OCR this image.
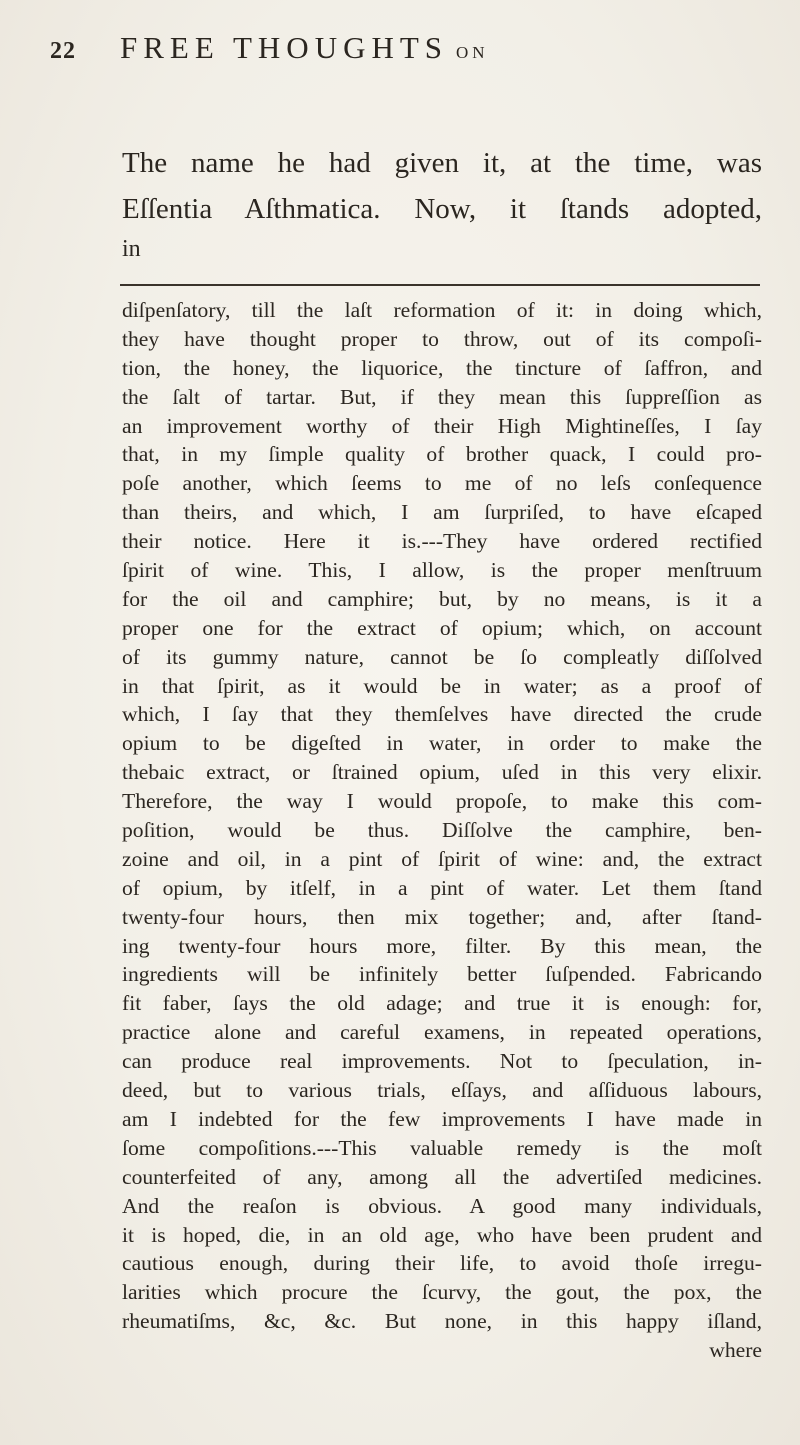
22	FREE THOUGHTS ON
The name he had given it, at the time, was
Eſſentia Aſthmatica. Now, it ſtands adopted,
in
diſpenſatory, till the laſt reformation of it: in doing which,
they have thought proper to throw, out of its compoſi-
tion, the honey, the liquorice, the tincture of ſaffron, and
the ſalt of tartar. But, if they mean this ſuppreſſion as
an improvement worthy of their High Mightineſſes, I ſay
that, in my ſimple quality of brother quack, I could pro-
poſe another, which ſeems to me of no leſs conſequence
than theirs, and which, I am ſurpriſed, to have eſcaped
their notice. Here it is.---They have ordered rectified
ſpirit of wine. This, I allow, is the proper menſtruum
for the oil and camphire; but, by no means, is it a
proper one for the extract of opium; which, on account
of its gummy nature, cannot be ſo compleatly diſſolved
in that ſpirit, as it would be in water; as a proof of
which, I ſay that they themſelves have directed the crude
opium to be digeſted in water, in order to make the
thebaic extract, or ſtrained opium, uſed in this very elixir.
Therefore, the way I would propoſe, to make this com-
poſition, would be thus. Diſſolve the camphire, ben-
zoine and oil, in a pint of ſpirit of wine: and, the extract
of opium, by itſelf, in a pint of water. Let them ſtand
twenty-four hours, then mix together; and, after ſtand-
ing twenty-four hours more, filter. By this mean, the
ingredients will be infinitely better ſuſpended. Fabricando
fit faber, ſays the old adage; and true it is enough: for,
practice alone and careful examens, in repeated operations,
can produce real improvements. Not to ſpeculation, in-
deed, but to various trials, eſſays, and aſſiduous labours,
am I indebted for the few improvements I have made in
ſome compoſitions.---This valuable remedy is the moſt
counterfeited of any, among all the advertiſed medicines.
And the reaſon is obvious. A good many individuals,
it is hoped, die, in an old age, who have been prudent and
cautious enough, during their life, to avoid thoſe irregu-
larities which procure the ſcurvy, the gout, the pox, the
rheumatiſms, &c, &c. But none, in this happy iſland,
where
